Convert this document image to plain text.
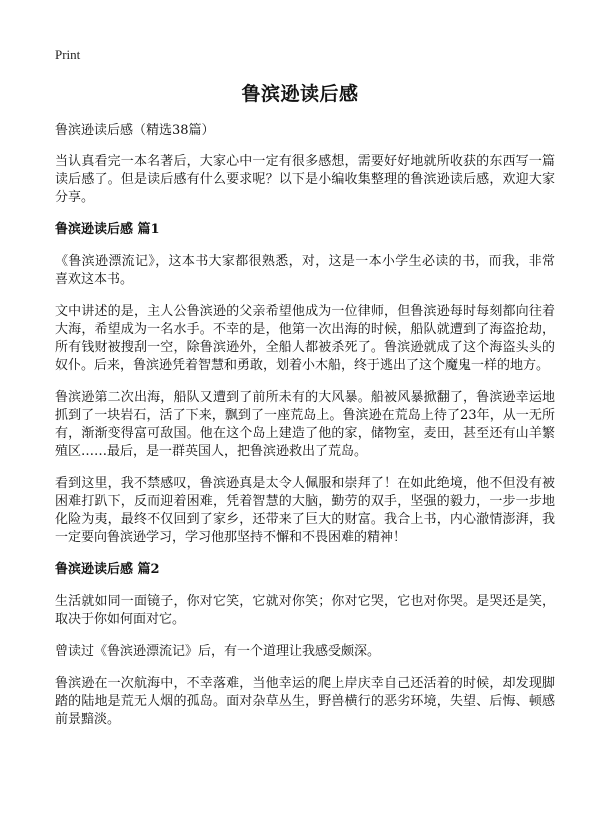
Print
鲁滨逊读后感

鲁滨逊读后感（精选38篇）

当认真看完一本名著后，大家心中一定有很多感想，需要好好地就所收获的东西写一篇读后感了。但是读后感有什么要求呢？以下是小编收集整理的鲁滨逊读后感，欢迎大家分享。

鲁滨逊读后感 篇1

《鲁滨逊漂流记》，这本书大家都很熟悉，对，这是一本小学生必读的书，而我，非常喜欢这本书。

文中讲述的是，主人公鲁滨逊的父亲希望他成为一位律师，但鲁滨逊每时每刻都向往着大海，希望成为一名水手。不幸的是，他第一次出海的时候，船队就遭到了海盗抢劫，所有钱财被搜刮一空，除鲁滨逊外，全船人都被杀死了。鲁滨逊就成了这个海盗头头的奴仆。后来，鲁滨逊凭着智慧和勇敢，划着小木船，终于逃出了这个魔鬼一样的地方。

鲁滨逊第二次出海，船队又遭到了前所未有的大风暴。船被风暴掀翻了，鲁滨逊幸运地抓到了一块岩石，活了下来，飘到了一座荒岛上。鲁滨逊在荒岛上待了23年，从一无所有，渐渐变得富可敌国。他在这个岛上建造了他的家，储物室，麦田，甚至还有山羊繁殖区……最后，是一群英国人，把鲁滨逊救出了荒岛。

看到这里，我不禁感叹，鲁滨逊真是太令人佩服和崇拜了！在如此绝境，他不但没有被困难打趴下，反而迎着困难，凭着智慧的大脑，勤劳的双手，坚强的毅力，一步一步地化险为夷，最终不仅回到了家乡，还带来了巨大的财富。我合上书，内心澈情澎湃，我一定要向鲁滨逊学习，学习他那坚持不懈和不畏困难的精神！

鲁滨逊读后感 篇2

生活就如同一面镜子，你对它笑，它就对你笑；你对它哭，它也对你哭。是哭还是笑，取决于你如何面对它。

曾读过《鲁滨逊漂流记》后，有一个道理让我感受颇深。

鲁滨逊在一次航海中，不幸落难，当他幸运的爬上岸庆幸自己还活着的时候，却发现脚踏的陆地是荒无人烟的孤岛。面对杂草丛生，野兽横行的恶劣环境，失望、后悔、顿感前景黯淡。
